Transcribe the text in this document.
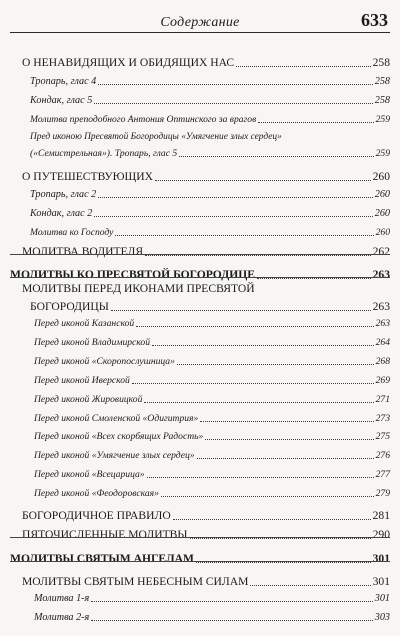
Содержание	633
О НЕНАВИДЯЩИХ И ОБИДЯЩИХ НАС	258
Тропарь, глас 4	258
Кондак, глас 5	258
Молитва преподобного Антония Оптинского за врагов	259
Пред иконою Пресвятой Богородицы «Умягчение злых сердец»
(«Семистрельная»). Тропарь, глас 5	259
О ПУТЕШЕСТВУЮЩИХ	260
Тропарь, глас 2	260
Кондак, глас 2	260
Молитва ко Господу	260
МОЛИТВА ВОДИТЕЛЯ	262
МОЛИТВЫ КО ПРЕСВЯТОЙ БОГОРОДИЦЕ	263
МОЛИТВЫ ПЕРЕД ИКОНАМИ ПРЕСВЯТОЙ
БОГОРОДИЦЫ	263
Перед иконой Казанской	263
Перед иконой Владимирской	264
Перед иконой «Скоропослушница»	268
Перед иконой Иверской	269
Перед иконой Жировицкой	271
Перед иконой Смоленской «Одигитрия»	273
Перед иконой «Всех скорбящих Радость»	275
Перед иконой «Умягчение злых сердец»	276
Перед иконой «Всецарица»	277
Перед иконой «Феодоровская»	279
БОГОРОДИЧНОЕ ПРАВИЛО	281
ПЯТОЧИСЛЕННЫЕ МОЛИТВЫ	290
МОЛИТВЫ СВЯТЫМ АНГЕЛАМ	301
МОЛИТВЫ СВЯТЫМ НЕБЕСНЫМ СИЛАМ	301
Молитва 1-я	301
Молитва 2-я	303
